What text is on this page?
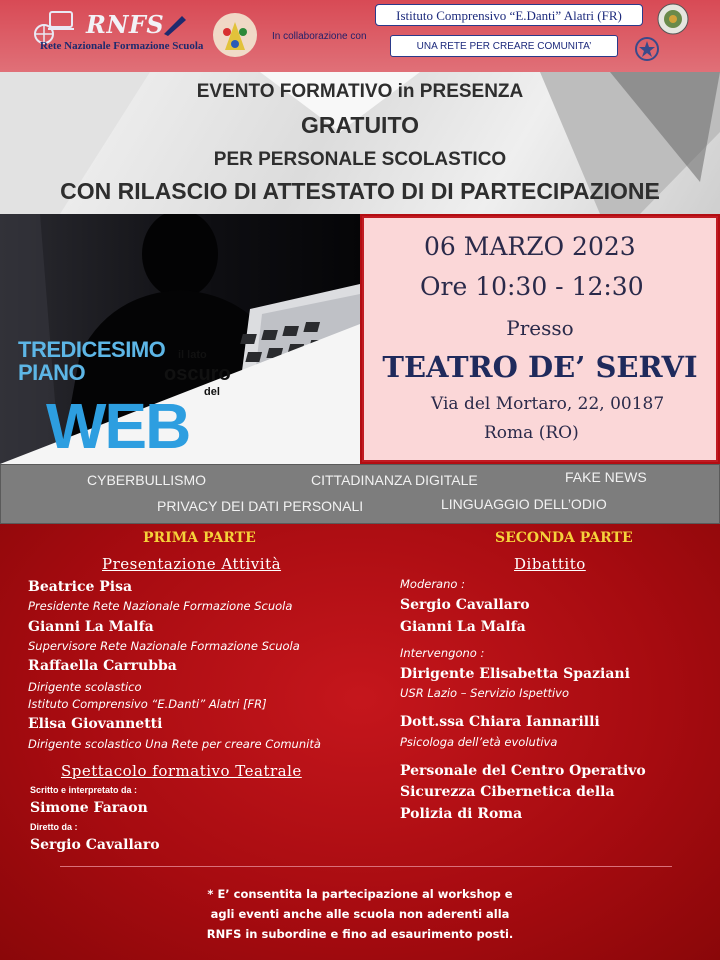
RNFS
Rete Nazionale Formazione Scuola
In collaborazione con
Istituto Comprensivo “E.Danti” Alatri (FR)
UNA RETE PER CREARE COMUNITA’
EVENTO FORMATIVO in PRESENZA
GRATUITO
PER PERSONALE SCOLASTICO
CON RILASCIO DI ATTESTATO DI DI PARTECIPAZIONE
TREDICESIMO
PIANO
il lato
oscuro
del
WEB
06 MARZO 2023
Ore 10:30 - 12:30
Presso
TEATRO DE’ SERVI
Via del Mortaro, 22, 00187
Roma (RO)
CYBERBULLISMO	CITTADINANZA DIGITALE	FAKE NEWS
PRIVACY DEI DATI PERSONALI	LINGUAGGIO DELL’ODIO
PRIMA PARTE
Presentazione Attività
Beatrice Pisa
Presidente Rete Nazionale Formazione Scuola
Gianni La Malfa
Supervisore Rete Nazionale Formazione Scuola
Raffaella Carrubba
Dirigente scolastico
Istituto Comprensivo “E.Danti” Alatri [FR]
Elisa Giovannetti
Dirigente scolastico Una Rete per creare Comunità
Spettacolo formativo Teatrale
Scritto e interpretato da :
Simone Faraon
Diretto da :
Sergio Cavallaro
SECONDA PARTE
Dibattito
Moderano :
Sergio Cavallaro
Gianni La Malfa
Intervengono :
Dirigente Elisabetta Spaziani
USR Lazio – Servizio Ispettivo
Dott.ssa Chiara Iannarilli
Psicologa dell’età evolutiva
Personale del Centro Operativo
Sicurezza Cibernetica della
Polizia di Roma
* E’ consentita la partecipazione al workshop e
agli eventi anche alle scuola non aderenti alla
RNFS in subordine e fino ad esaurimento posti.
